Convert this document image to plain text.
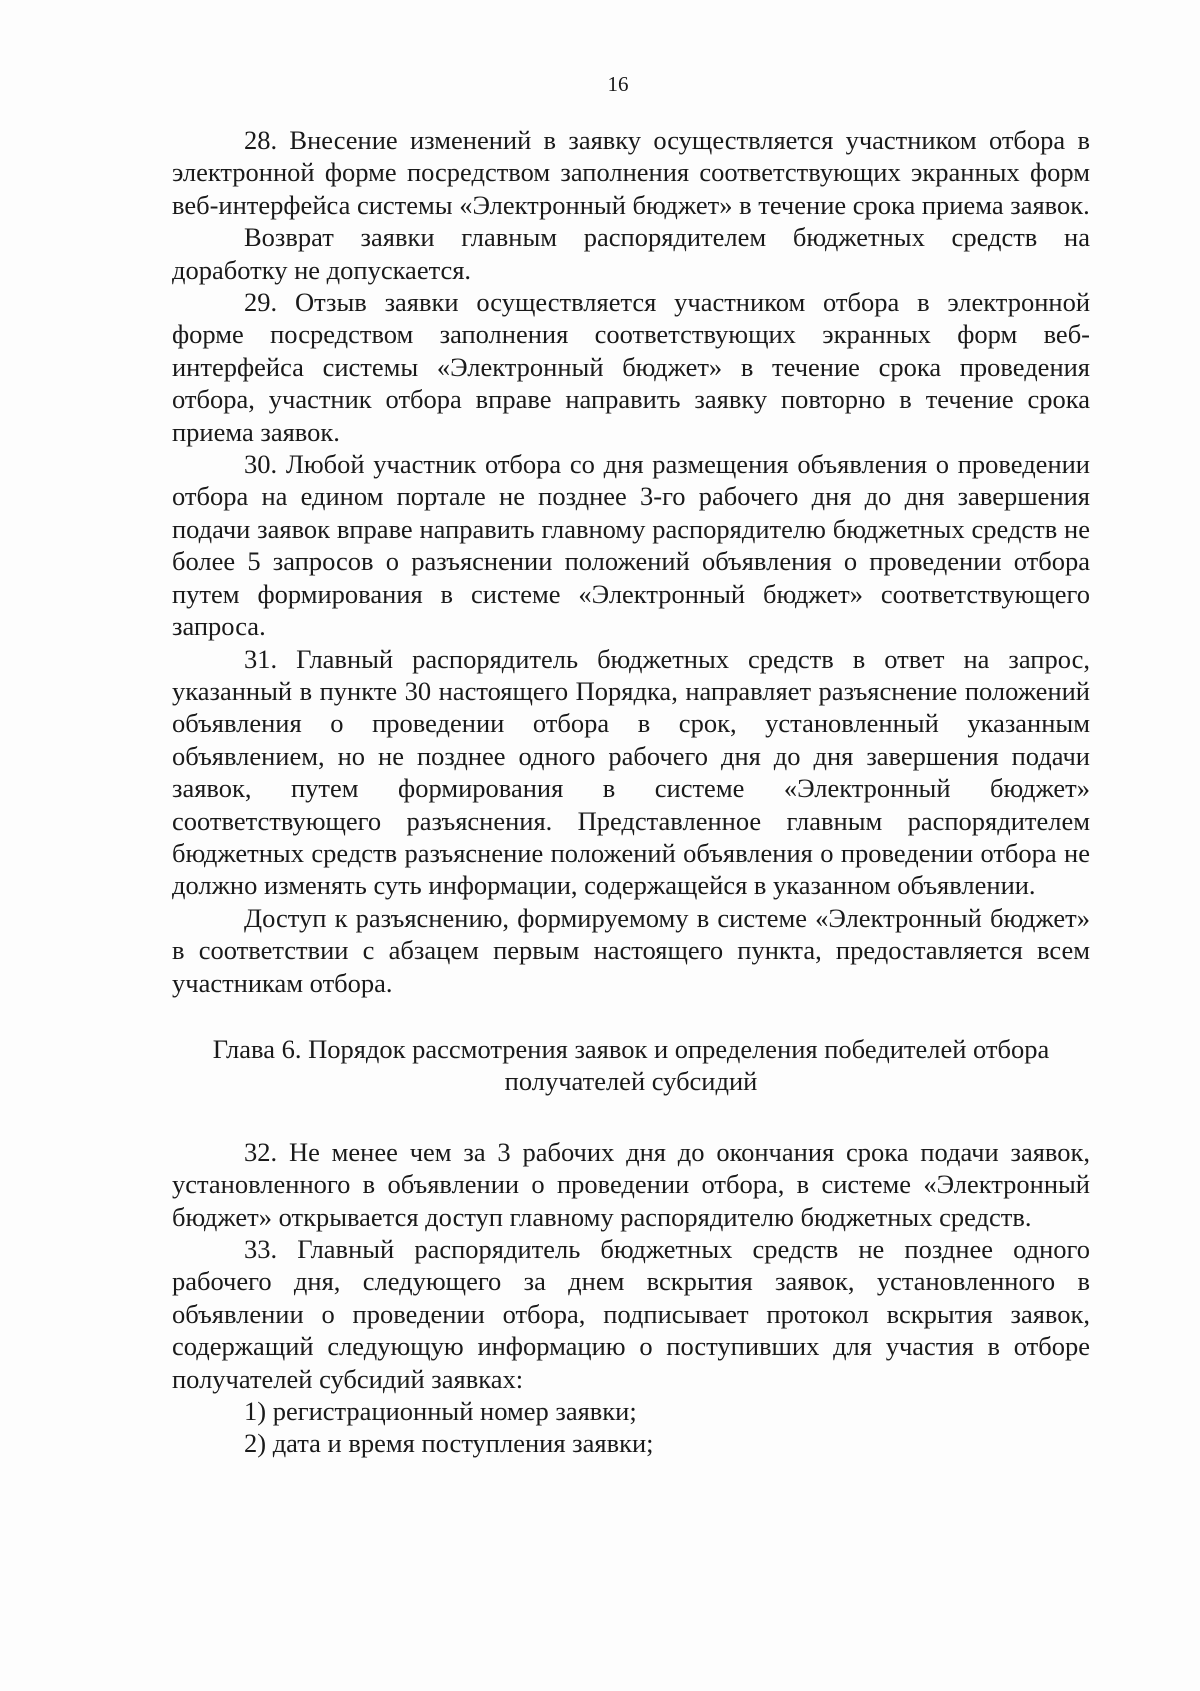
16

28. Внесение изменений в заявку осуществляется участником отбора в электронной форме посредством заполнения соответствующих экранных форм веб-интерфейса системы «Электронный бюджет» в течение срока приема заявок.

Возврат заявки главным распорядителем бюджетных средств на доработку не допускается.

29. Отзыв заявки осуществляется участником отбора в электронной форме посредством заполнения соответствующих экранных форм веб-интерфейса системы «Электронный бюджет» в течение срока проведения отбора, участник отбора вправе направить заявку повторно в течение срока приема заявок.

30. Любой участник отбора со дня размещения объявления о проведении отбора на едином портале не позднее 3-го рабочего дня до дня завершения подачи заявок вправе направить главному распорядителю бюджетных средств не более 5 запросов о разъяснении положений объявления о проведении отбора путем формирования в системе «Электронный бюджет» соответствующего запроса.

31. Главный распорядитель бюджетных средств в ответ на запрос, указанный в пункте 30 настоящего Порядка, направляет разъяснение положений объявления о проведении отбора в срок, установленный указанным объявлением, но не позднее одного рабочего дня до дня завершения подачи заявок, путем формирования в системе «Электронный бюджет» соответствующего разъяснения. Представленное главным распорядителем бюджетных средств разъяснение положений объявления о проведении отбора не должно изменять суть информации, содержащейся в указанном объявлении.

Доступ к разъяснению, формируемому в системе «Электронный бюджет» в соответствии с абзацем первым настоящего пункта, предоставляется всем участникам отбора.

Глава 6. Порядок рассмотрения заявок и определения победителей отбора
получателей субсидий

32. Не менее чем за 3 рабочих дня до окончания срока подачи заявок, установленного в объявлении о проведении отбора, в системе «Электронный бюджет» открывается доступ главному распорядителю бюджетных средств.

33. Главный распорядитель бюджетных средств не позднее одного рабочего дня, следующего за днем вскрытия заявок, установленного в объявлении о проведении отбора, подписывает протокол вскрытия заявок, содержащий следующую информацию о поступивших для участия в отборе получателей субсидий заявках:

1) регистрационный номер заявки;

2) дата и время поступления заявки;
